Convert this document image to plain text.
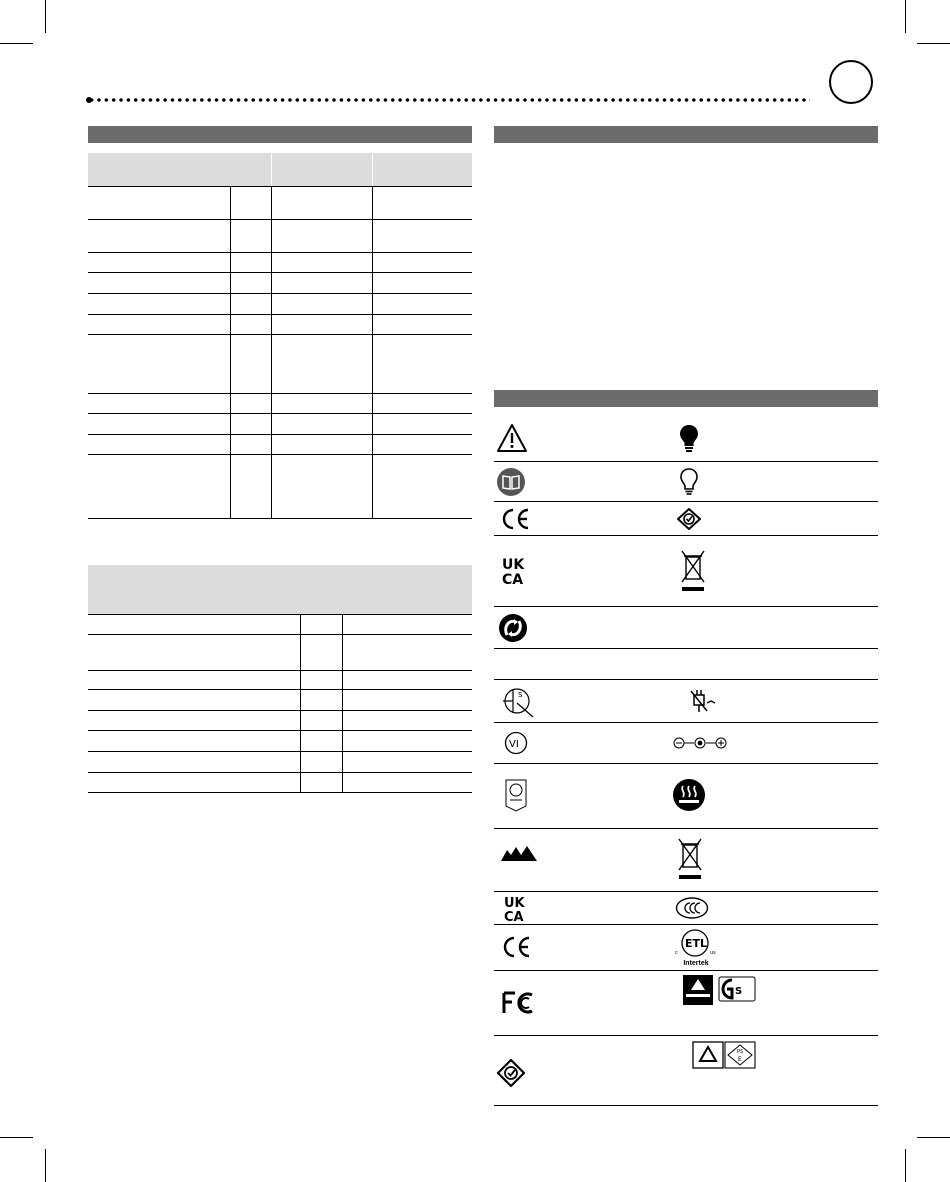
UK
CA
S
VI
UK
CA
ETL
us
c
Intertek
S
PS
E
